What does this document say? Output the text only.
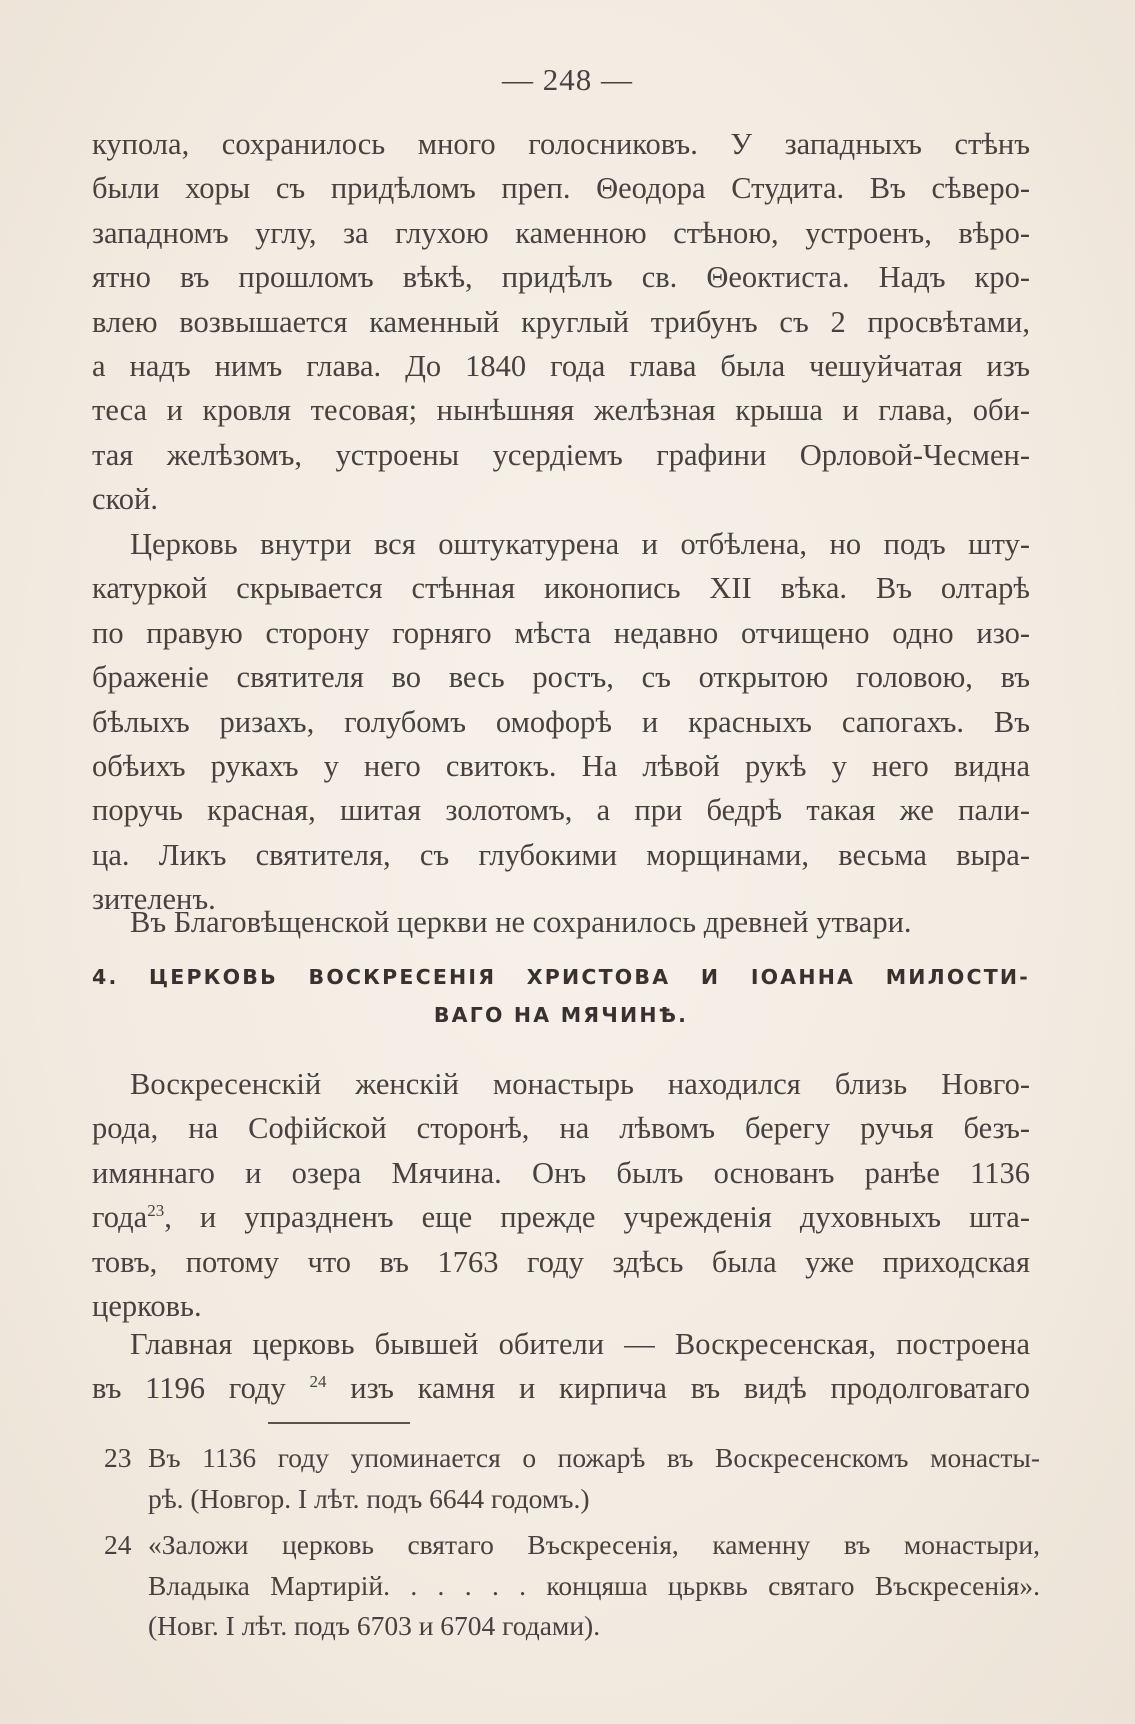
— 248 —
купола, сохранилось много голосниковъ. У западныхъ стѣнъ
были хоры съ придѣломъ преп. Θеодора Студита. Въ сѣверо-
западномъ углу, за глухою каменною стѣною, устроенъ, вѣро-
ятно въ прошломъ вѣкѣ, придѣлъ св. Θеоктиста. Надъ кро-
влею возвышается каменный круглый трибунъ съ 2 просвѣтами,
а надъ нимъ глава. До 1840 года глава была чешуйчатая изъ
теса и кровля тесовая; нынѣшняя желѣзная крыша и глава, оби-
тая желѣзомъ, устроены усердіемъ графини Орловой-Чесмен-
ской.
Церковь внутри вся оштукатурена и отбѣлена, но подъ шту-
катуркой скрывается стѣнная иконопись XII вѣка. Въ олтарѣ
по правую сторону горняго мѣста недавно отчищено одно изо-
браженіе святителя во весь ростъ, съ открытою головою, въ
бѣлыхъ ризахъ, голубомъ омофорѣ и красныхъ сапогахъ. Въ
обѣихъ рукахъ у него свитокъ. На лѣвой рукѣ у него видна
поручь красная, шитая золотомъ, а при бедрѣ такая же пали-
ца. Ликъ святителя, съ глубокими морщинами, весьма выра-
зителенъ.
Въ Благовѣщенской церкви не сохранилось древней утвари.
4. ЦЕРКОВЬ ВОСКРЕСЕНІЯ ХРИСТОВА И ІОАННА МИЛОСТИ-
ВАГО НА МЯЧИНѢ.
Воскресенскій женскій монастырь находился близь Новго-
рода, на Софійской сторонѣ, на лѣвомъ берегу ручья безъ-
имяннаго и озера Мячина. Онъ былъ основанъ ранѣе 1136
года$^{23}$, и упраздненъ еще прежде учрежденія духовныхъ шта-
товъ, потому что въ 1763 году здѣсь была уже приходская
церковь.
Главная церковь бывшей обители — Воскресенская, построена
въ 1196 году $^{24}$ изъ камня и кирпича въ видѣ продолговатаго
23 Въ 1136 году упоминается о пожарѣ въ Воскресенскомъ монасты-
рѣ. (Новгор. I лѣт. подъ 6644 годомъ.)
24 «Заложи церковь святаго Въскресенія, каменну въ монастыри,
Владыка Мартирій. . . . . . концяша цьрквь святаго Въскресенія».
(Новг. I лѣт. подъ 6703 и 6704 годами).
